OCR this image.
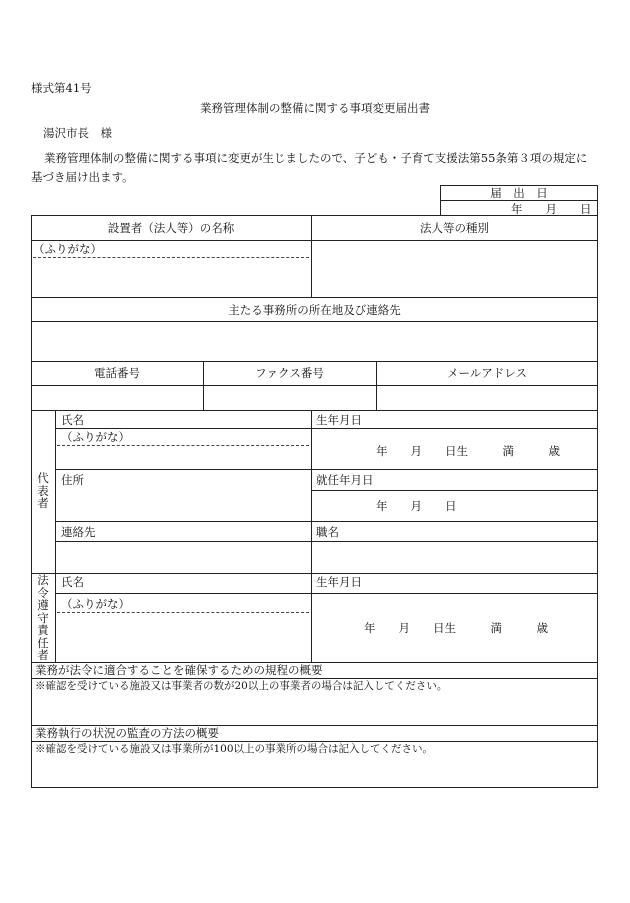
様式第41号
業務管理体制の整備に関する事項変更届出書
湯沢市長　様
業務管理体制の整備に関する事項に変更が生じましたので、子ども・子育て支援法第55条第３項の規定に
基づき届け出ます。
届　出　日
年　　月　　日
設置者（法人等）の名称	法人等の種別
（ふりがな）
主たる事務所の所在地及び連絡先
電話番号	ファクス番号	メールアドレス
代表者
氏名	生年月日
（ふりがな）
年　　月　　日生　　　満　　　歳
住所	就任年月日
年　　月　　日
連絡先	職名
法令遵守責任者
氏名	生年月日
（ふりがな）
年　　月　　日生　　　満　　　歳
業務が法令に適合することを確保するための規程の概要
※確認を受けている施設又は事業者の数が20以上の事業者の場合は記入してください。
業務執行の状況の監査の方法の概要
※確認を受けている施設又は事業所が100以上の事業所の場合は記入してください。
